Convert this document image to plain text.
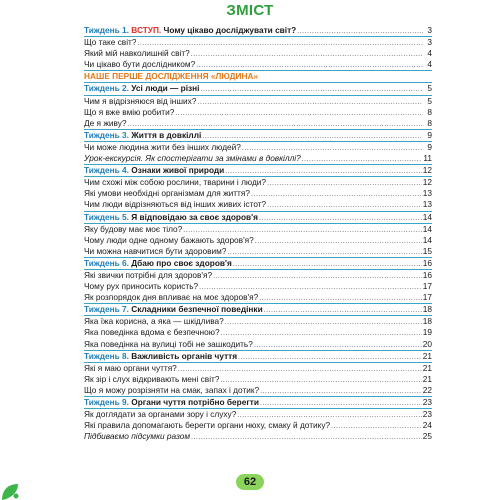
ЗМІСТ
Тиждень 1. ВСТУП. Чому цікаво досліджувати світ? .....	3
Що таке світ? .....	3
Який мій навколишній світ? .....	4
Чи цікаво бути дослідником? .....	4
НАШЕ ПЕРШЕ ДОСЛІДЖЕННЯ «ЛЮДИНА»
Тиждень 2. Усі люди — різні .....	5
Чим я відрізняюся від інших? .....	5
Що я вже вмію робити? .....	8
Де я живу? .....	8
Тиждень 3. Життя в довкіллі .....	9
Чи може людина жити без інших людей? .....	9
Урок-екскурсія. Як спостерігати за змінами в довкіллі? .....	11
Тиждень 4. Ознаки живої природи .....	12
Чим схожі між собою рослини, тварини і люди? .....	12
Які умови необхідні організмам для життя? .....	13
Чим люди відрізняються від інших живих істот? .....	13
Тиждень 5. Я відповідаю за своє здоров'я .....	14
Яку будову має моє тіло? .....	14
Чому люди одне одному бажають здоров'я? .....	14
Чи можна навчитися бути здоровим? .....	15
Тиждень 6. Дбаю про своє здоров'я .....	16
Які звички потрібні для здоров'я? .....	16
Чому рух приносить користь? .....	17
Як розпорядок дня впливає на моє здоров'я? .....	17
Тиждень 7. Складники безпечної поведінки .....	18
Яка їжа корисна, а яка — шкідлива? .....	18
Яка поведінка вдома є безпечною? .....	19
Яка поведінка на вулиці тобі не зашкодить? .....	20
Тиждень 8. Важливість органів чуття .....	21
Які я маю органи чуття? .....	21
Як зір і слух відкривають мені світ? .....	21
Що я можу розрізняти на смак, запах і дотик? .....	22
Тиждень 9. Органи чуття потрібно берегти .....	23
Як доглядати за органами зору і слуху? .....	23
Які правила допомагають берегти органи нюху, смаку й дотику? .....	24
Підбиваємо підсумки разом .....	25
62
